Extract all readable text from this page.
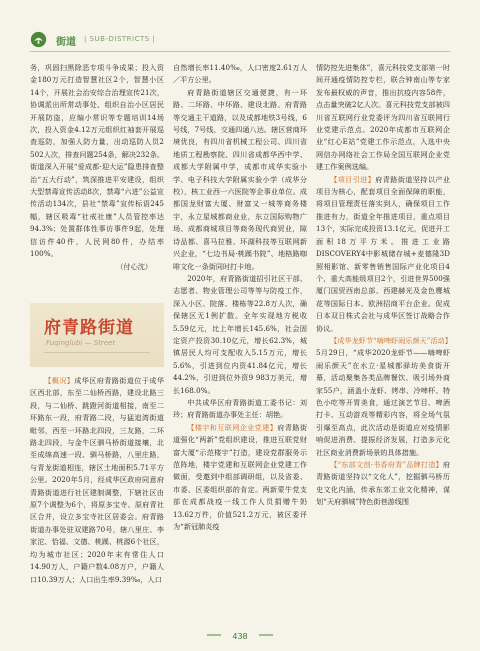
街道 | SUB-DISTRICTS |

务，巩固扫黑除恶专项斗争成果；投入资金180万元打造智慧社区2个，智慧小区14个，开展社会治安综合治理宣传21次，协调派出所常动事处、组织自治小区居民开展防盗，应编小常识等专题培训14场次，投入资金4.12万元组织红袖套开展巡查巡防，加强人防力量，出动巡防人员2 502人次，排查问题254条，解决232条。街道深入开展“爱成都·迎大运”隐患排查整治“五大行动”，筑深推进平安建设，组织大型禁毒宣传活动8次，禁毒“六进”公益宣传活动134次，县社“禁毒”宣传标语245幅，辖区吸毒“社戒社康”人员管控率达94.3%；处置群体性事访事件9起，处理信访件40件，人民网80件，办结率100%。

（付心沈）

府青路街道
Fuqinglubi — Street

【概况】成华区府青路街道位于成华区西北部，东至二仙桥西路，建设北路三段，与二仙桥、跳蹬河街道相接，南至二环路东一段，府青路二段，与猛追湾街道毗邻，西至一环路北四段，三友路，二环路北四段，与金牛区驷马桥街道接壤，北至成绵高速一段、驷马桥路，八里庄路，与青龙街道相连，辖区土地面积5.71平方公里。2020年5月，经成华区政府同意府青路街道进行社区建制调整，下辖社区由原7个调整为6个，将原多宝寺、原府青社区合并，设立多宝寺社区居委会。府青路街道办事处驻双建路70号，辖八里庄、李家沱、恰福、文德、桃蹊、桃源6个社区，均为城市社区；2020年末有常住人口14.90万人，户籍户数4.08万户，户籍人口10.39万人；人口出生率9.39‰，人口

自然增长率11.40‰，人口密度2.61万人／平方公里。

府青路街道辖区交通便捷，有一环路、二环路、中环路、建设北路、府青路等交通主干道路，以及成都地铁3号线，6号线，7号线，交通四通八达。辖区营商环境优良，有四川省机械工程公司、四川省地质工程勘察院、四川省成都华西中学、成都大学附属中学，成都市成华实验小学、电子科技大学附属实验小学（成华分校），核工业西一六医院等企事业单位。成都国龙财富大厦、财富又一城等商务楼宇，永立星城都商业业，东立国际购物广场、成都商城项目等商务现代商贸业，隙诗品都、喜马拉雅、环湖科技等互联网新兴企业，“七边书局·桃蹊书院”、地格路咖啡文化一条街同时打卡地。

2020年，府青路街道招引社区干部、志愿者、物业管理公司等等与防疫工作，深入小区、院落、楼栋等22.8万人次，确保辖区无1例扩散。全年实现地方税收5.59亿元，比上年增长145.6%，社会固定资产投资30.10亿元，增长62.3%，城镇居民人均可支配收入5.15万元，增长5.6%，引进到位内资41.84亿元，增长44.2%，引进到位外资9 983万美元，增长168.0%。

中共成华区府青路街道工委书记：刘玲；府青路街道办事处主任：胡艳。

【楼宇和互联网企业党建】府青路街道强化“两新”党组织建设，推进互联党财富大厦“示范楼宇”打造，建设党群服务示范阵地，楼宇党建和互联网企业党建工作做面，受邀到中组部调研组，以及省委、市委、区委组织部的肯定。两新蒙牛党支部在成都战疫一线工作人员捐赠牛奶13.62万件，价值521.2万元，被区委评为“新冠肺炎疫

情防控先进集体”，喜元科技党支部第一时间开通疫情防控专栏，联合钟南山等专家发布最权威的声音，推出抗疫内容58件，点击量突破2亿人次。喜元科技党支部被四川省互联网行业党委评为四川省互联网行业党建示范点。2020年成都市互联网企业“红心E站”党建工作示范点，入选中央网信办网络社会工作局全国互联网企业党建工作案例选编。

【项目引进】府青路街道坚持以产业项目为核心，配套项目全面保障的职能，将项目管理责任落实到人，确保项目工作推进有力，街道全年推进项目，重点项目13个，实际完成投资13.1亿元，促进开工面积18万平方米。推进工业路DISCOVERY4中影城储存城+麦德隆3D照相影馆、新零售销售国际产业化项目4个，重大高能级项目2个，引进世界500强厦门国贸西南总部、西建赫光及金色鹰城花等国际日本、欧洲招商平台企业。促成日本双日株式会社与成华区签订战略合作协议。

【成华龙虾节“嗨啤虾闹乐颜天”活动】5月29日，“成华2020龙虾节——嗨啤虾闹乐颜天”在水立·星城都驿坊美食街开幕，活动聚集各类品牌餐饮、吸引场外商家55户，涵盖小龙虾、烤串、冷啤杯、特色小吃等开胃美食，通过演艺节目、啤酒打卡、互动游戏等精彩内容，将全场气氛引爆至高点，此次活动是街道应对疫情影响促进消费、提振经济发展，打造多元化社区商业消费新场景的具体措施。

【“东部文创·书香府青”品牌打造】府青路街道坚持以“文化人”，挖掘驷马桥历史文化内涵，传承东郊工业文化精神，谋划“天府驷城”特色街巷游线围

438
